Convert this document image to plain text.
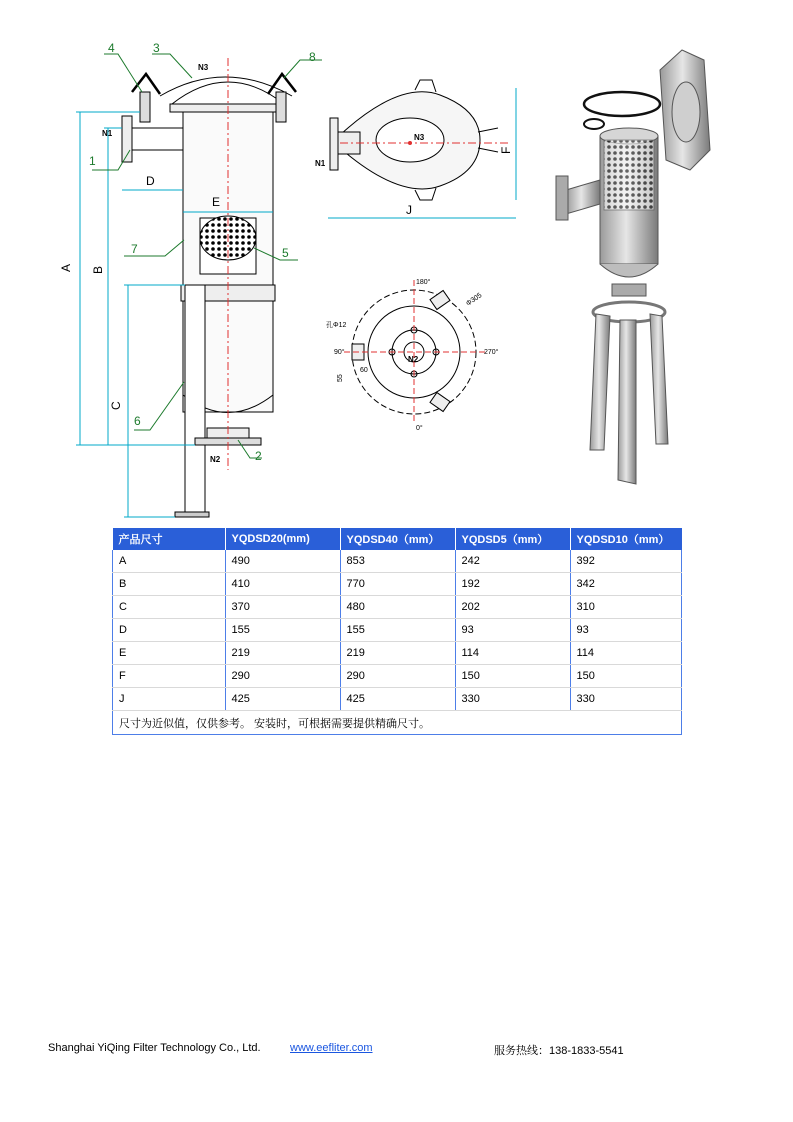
4	3
8
1
7	5
6
2
A B
C
D
E
F
J
N1
N3
N2
N3
N1
180°
90°	270°
0°
孔Φ12
Φ305
55
60
N2
产品尺寸	YQDSD20(mm)	YQDSD40（mm）	YQDSD5（mm）	YQDSD10（mm）
A	490	853	242	392
B	410	770	192	342
C	370	480	202	310
D	155	155	93	93
E	219	219	114	114
F	290	290	150	150
J	425	425	330	330
尺寸为近似值，仅供参考。 安装时，可根据需要提供精确尺寸。				
Shanghai YiQing Filter Technology Co., Ltd.	www.eefliter.com	服务热线：138-1833-5541
